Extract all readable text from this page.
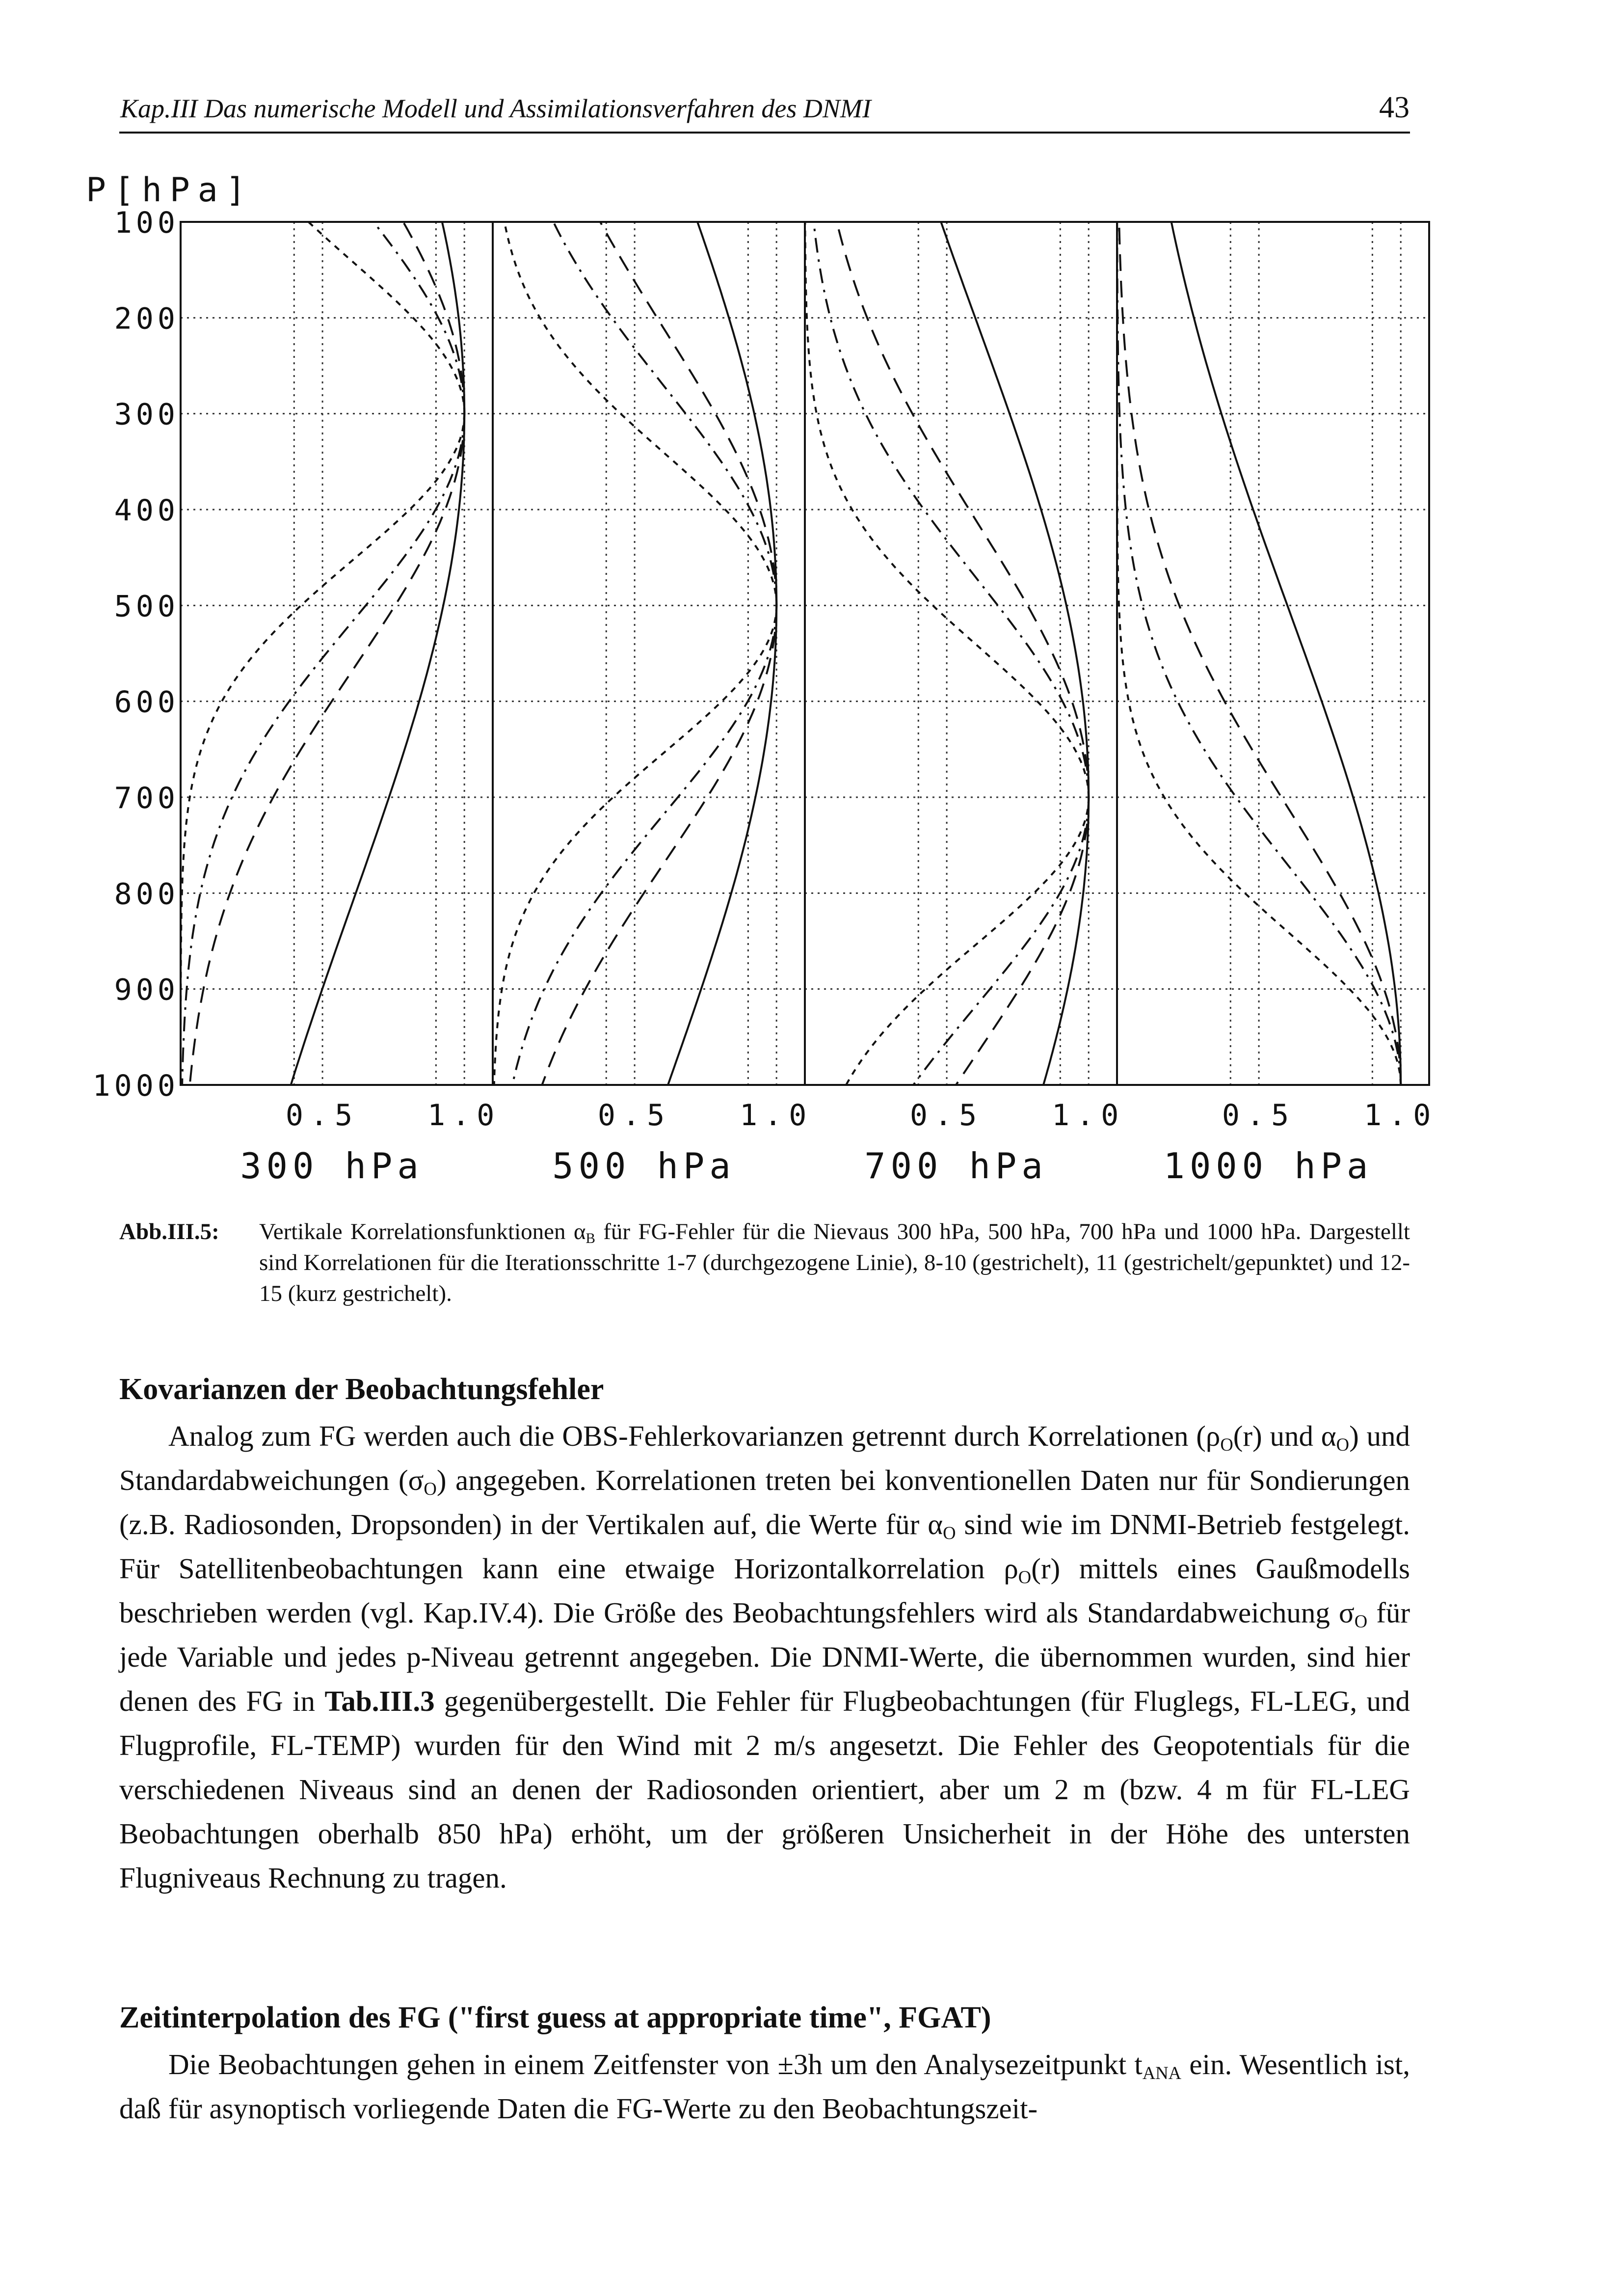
Kap.III Das numerische Modell und Assimilationsverfahren des DNMI	43
P[hPa]
100
200
300
400
500
600
700
800
900
1000
0.5 1.0
300 hPa
0.5 1.0
500 hPa
0.5 1.0
700 hPa
0.5 1.0
1000 hPa
Abb.III.5: Vertikale Korrelationsfunktionen $\alpha_B$ für FG-Fehler für die Nievaus 300 hPa, 500 hPa, 700 hPa und 1000 hPa. Dargestellt sind Korrelationen für die Iterationsschritte 1-7 (durchgezogene Linie), 8-10 (gestrichelt), 11 (gestrichelt/gepunktet) und 12-15 (kurz gestrichelt).
Kovarianzen der Beobachtungsfehler

Analog zum FG werden auch die OBS-Fehlerkovarianzen getrennt durch Korrelationen ($\rho_O(r)$ und $\alpha_O$) und Standardabweichungen $(\sigma_O)$ angegeben. Korrelationen treten bei konventionellen Daten nur für Sondierungen (z.B. Radiosonden, Dropsonden) in der Vertikalen auf, die Werte für $\alpha_O$ sind wie im DNMI-Betrieb festgelegt. Für Satellitenbeobachtungen kann eine etwaige Horizontalkorrelation $\rho_O(r)$ mittels eines Gaußmodells beschrieben werden (vgl. Kap.IV.4). Die Größe des Beobachtungsfehlers wird als Standardabweichung $\sigma_O$ für jede Variable und jedes p-Niveau getrennt angegeben. Die DNMI-Werte, die übernommen wurden, sind hier denen des FG in Tab.III.3 gegenübergestellt. Die Fehler für Flugbeobachtungen (für Fluglegs, FL-LEG, und Flugprofile, FL-TEMP) wurden für den Wind mit 2 m/s angesetzt. Die Fehler des Geopotentials für die verschiedenen Niveaus sind an denen der Radiosonden orientiert, aber um 2 m (bzw. 4 m für FL-LEG Beobachtungen oberhalb 850 hPa) erhöht, um der größeren Unsicherheit in der Höhe des untersten Flugniveaus Rechnung zu tragen.

Zeitinterpolation des FG ("first guess at appropriate time", FGAT)

Die Beobachtungen gehen in einem Zeitfenster von ±3h um den Analysezeitpunkt $t_{ANA}$ ein. Wesentlich ist, daß für asynoptisch vorliegende Daten die FG-Werte zu den Beobachtungszeit-
